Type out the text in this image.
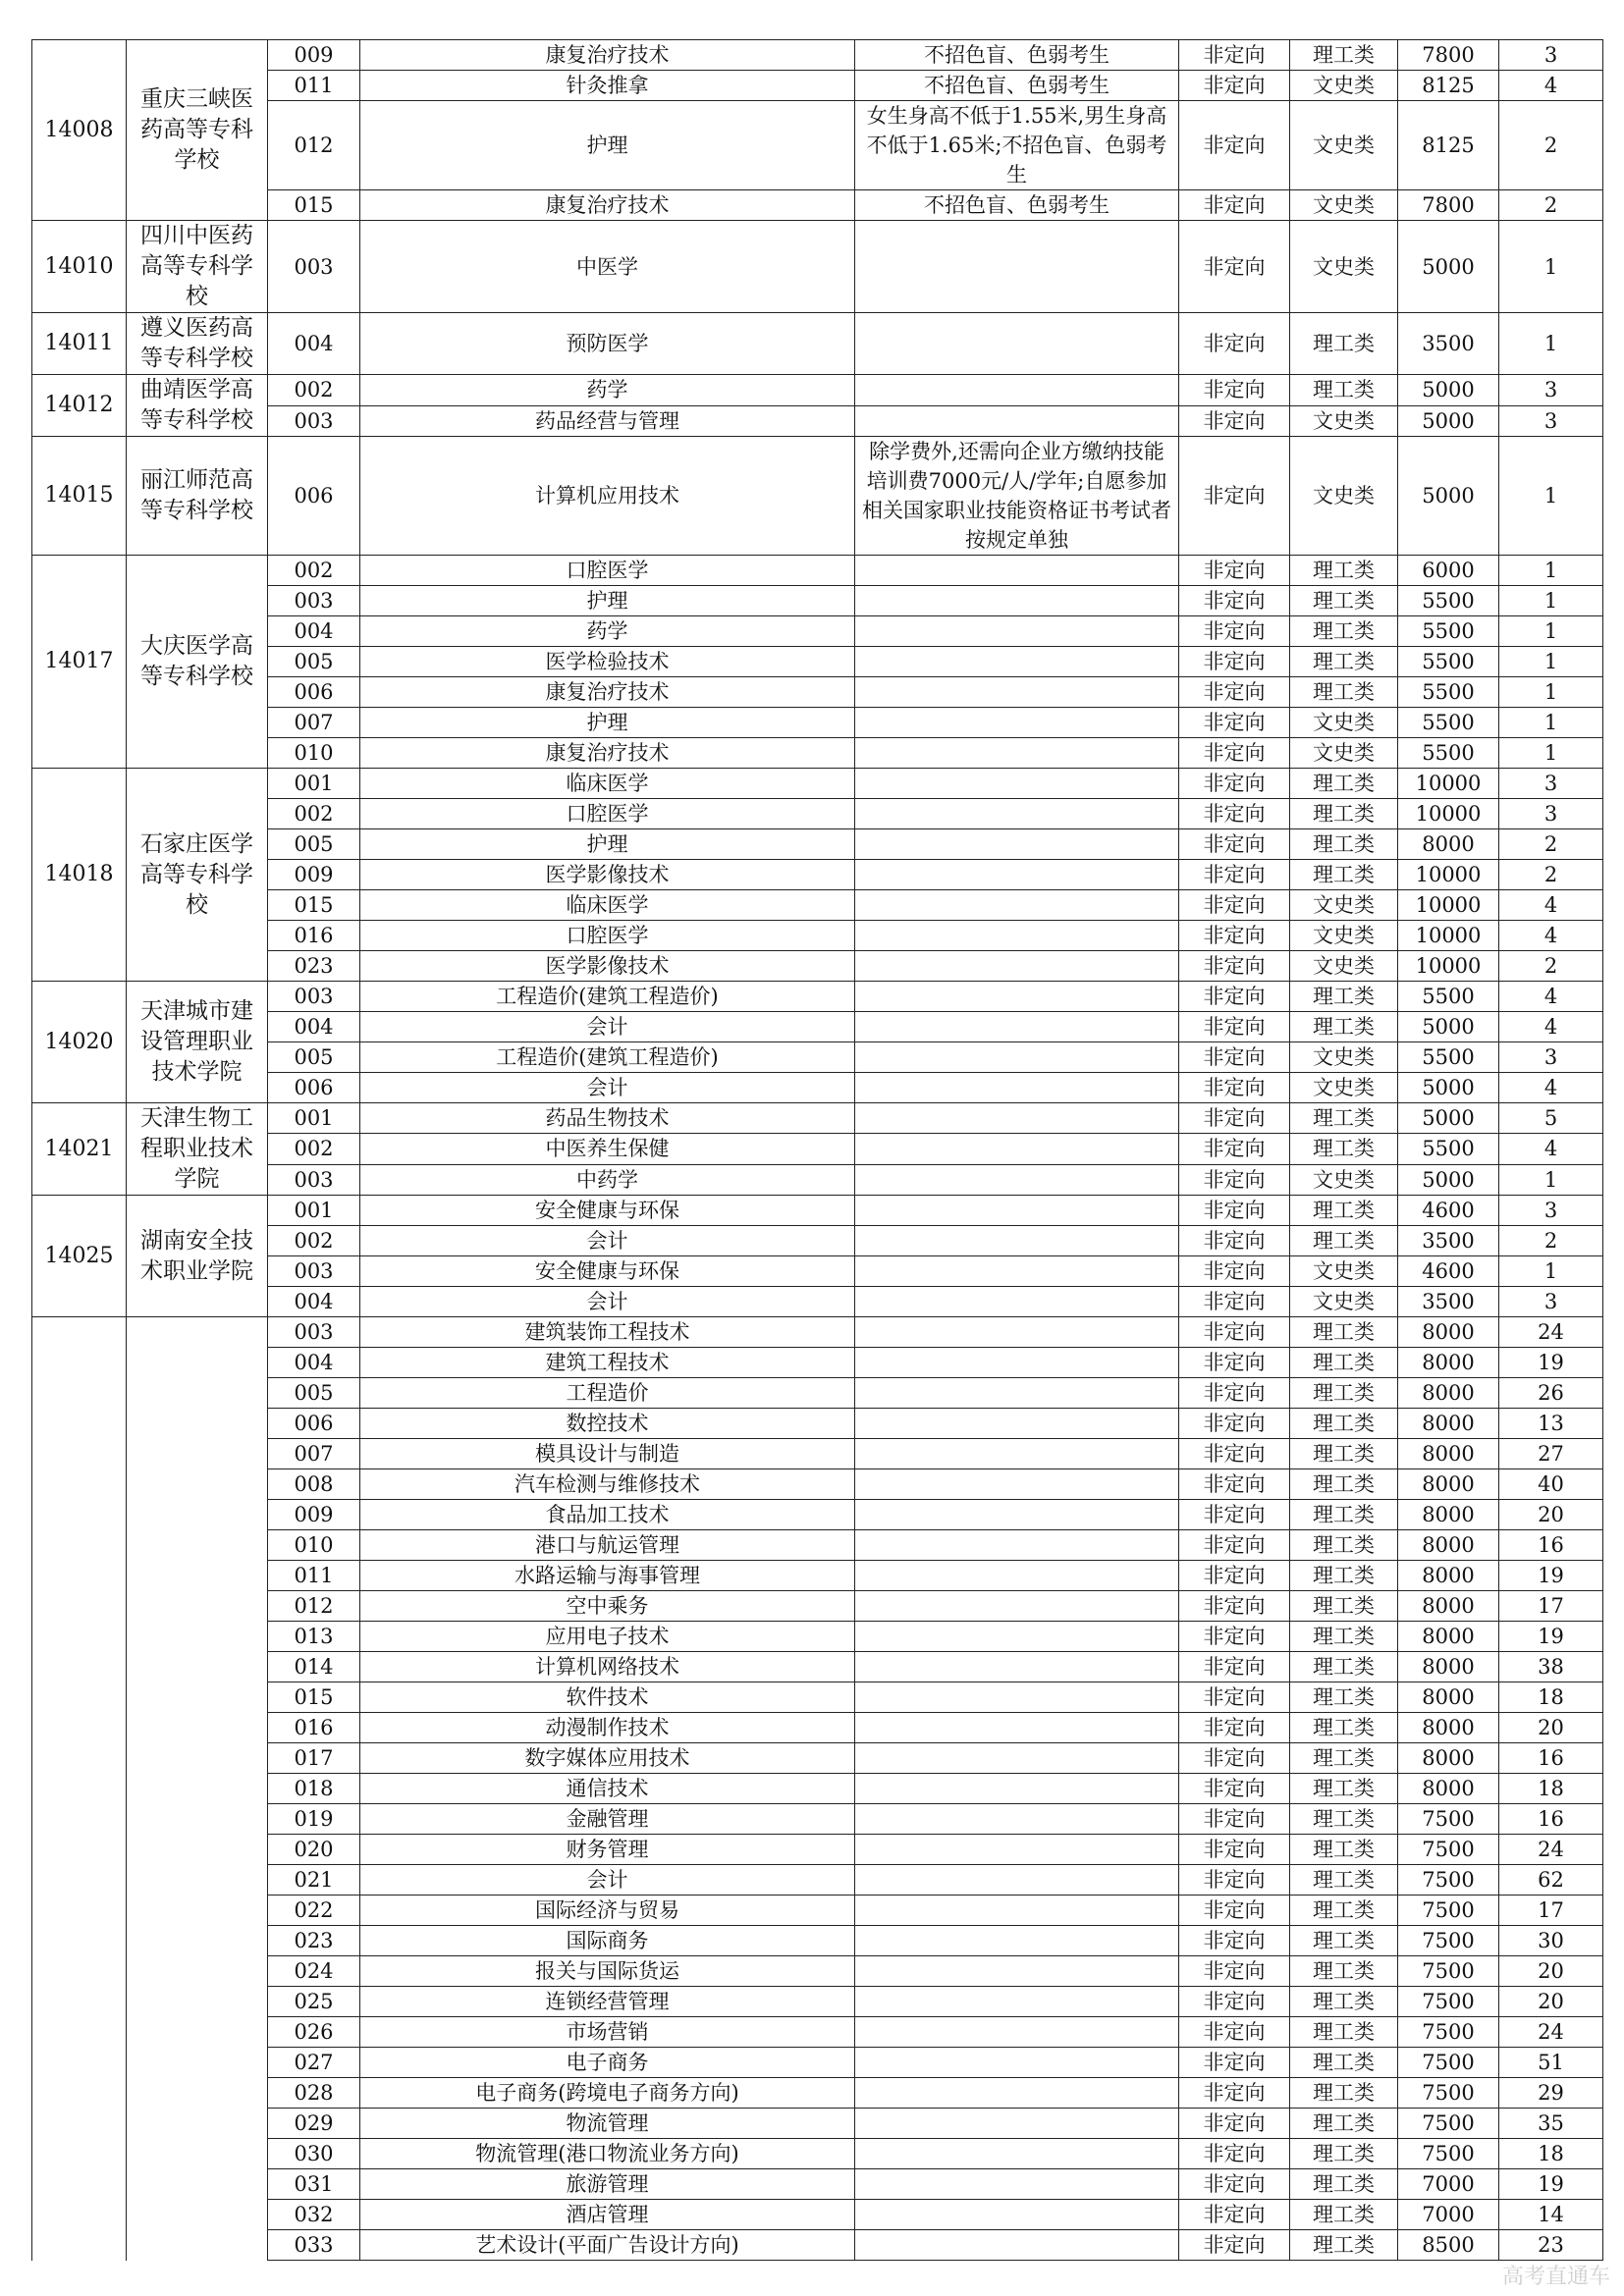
14008	重庆三峡医药高等专科学校	009	康复治疗技术	不招色盲、色弱考生	非定向	理工类	7800	3
		011	针灸推拿	不招色盲、色弱考生	非定向	文史类	8125	4
		012	护理	女生身高不低于1.55米,男生身高不低于1.65米;不招色盲、色弱考生	非定向	文史类	8125	2
		015	康复治疗技术	不招色盲、色弱考生	非定向	文史类	7800	2
14010	四川中医药高等专科学校	003	中医学		非定向	文史类	5000	1
14011	遵义医药高等专科学校	004	预防医学		非定向	理工类	3500	1
14012	曲靖医学高等专科学校	002	药学		非定向	理工类	5000	3
		003	药品经营与管理		非定向	文史类	5000	3
14015	丽江师范高等专科学校	006	计算机应用技术	除学费外,还需向企业方缴纳技能培训费7000元/人/学年;自愿参加相关国家职业技能资格证书考试者按规定单独	非定向	文史类	5000	1
14017	大庆医学高等专科学校	002	口腔医学		非定向	理工类	6000	1
		003	护理		非定向	理工类	5500	1
		004	药学		非定向	理工类	5500	1
		005	医学检验技术		非定向	理工类	5500	1
		006	康复治疗技术		非定向	理工类	5500	1
		007	护理		非定向	文史类	5500	1
		010	康复治疗技术		非定向	文史类	5500	1
14018	石家庄医学高等专科学校	001	临床医学		非定向	理工类	10000	3
		002	口腔医学		非定向	理工类	10000	3
		005	护理		非定向	理工类	8000	2
		009	医学影像技术		非定向	理工类	10000	2
		015	临床医学		非定向	文史类	10000	4
		016	口腔医学		非定向	文史类	10000	4
		023	医学影像技术		非定向	文史类	10000	2
14020	天津城市建设管理职业技术学院	003	工程造价(建筑工程造价)		非定向	理工类	5500	4
		004	会计		非定向	理工类	5000	4
		005	工程造价(建筑工程造价)		非定向	文史类	5500	3
		006	会计		非定向	文史类	5000	4
14021	天津生物工程职业技术学院	001	药品生物技术		非定向	理工类	5000	5
		002	中医养生保健		非定向	理工类	5500	4
		003	中药学		非定向	文史类	5000	1
14025	湖南安全技术职业学院	001	安全健康与环保		非定向	理工类	4600	3
		002	会计		非定向	理工类	3500	2
		003	安全健康与环保		非定向	文史类	4600	1
		004	会计		非定向	文史类	3500	3
		003	建筑装饰工程技术		非定向	理工类	8000	24
		004	建筑工程技术		非定向	理工类	8000	19
		005	工程造价		非定向	理工类	8000	26
		006	数控技术		非定向	理工类	8000	13
		007	模具设计与制造		非定向	理工类	8000	27
		008	汽车检测与维修技术		非定向	理工类	8000	40
		009	食品加工技术		非定向	理工类	8000	20
		010	港口与航运管理		非定向	理工类	8000	16
		011	水路运输与海事管理		非定向	理工类	8000	19
		012	空中乘务		非定向	理工类	8000	17
		013	应用电子技术		非定向	理工类	8000	19
		014	计算机网络技术		非定向	理工类	8000	38
		015	软件技术		非定向	理工类	8000	18
		016	动漫制作技术		非定向	理工类	8000	20
		017	数字媒体应用技术		非定向	理工类	8000	16
		018	通信技术		非定向	理工类	8000	18
		019	金融管理		非定向	理工类	7500	16
		020	财务管理		非定向	理工类	7500	24
		021	会计		非定向	理工类	7500	62
		022	国际经济与贸易		非定向	理工类	7500	17
		023	国际商务		非定向	理工类	7500	30
		024	报关与国际货运		非定向	理工类	7500	20
		025	连锁经营管理		非定向	理工类	7500	20
		026	市场营销		非定向	理工类	7500	24
		027	电子商务		非定向	理工类	7500	51
		028	电子商务(跨境电子商务方向)		非定向	理工类	7500	29
		029	物流管理		非定向	理工类	7500	35
		030	物流管理(港口物流业务方向)		非定向	理工类	7500	18
		031	旅游管理		非定向	理工类	7000	19
		032	酒店管理		非定向	理工类	7000	14
		033	艺术设计(平面广告设计方向)		非定向	理工类	8500	23
高考直通车
